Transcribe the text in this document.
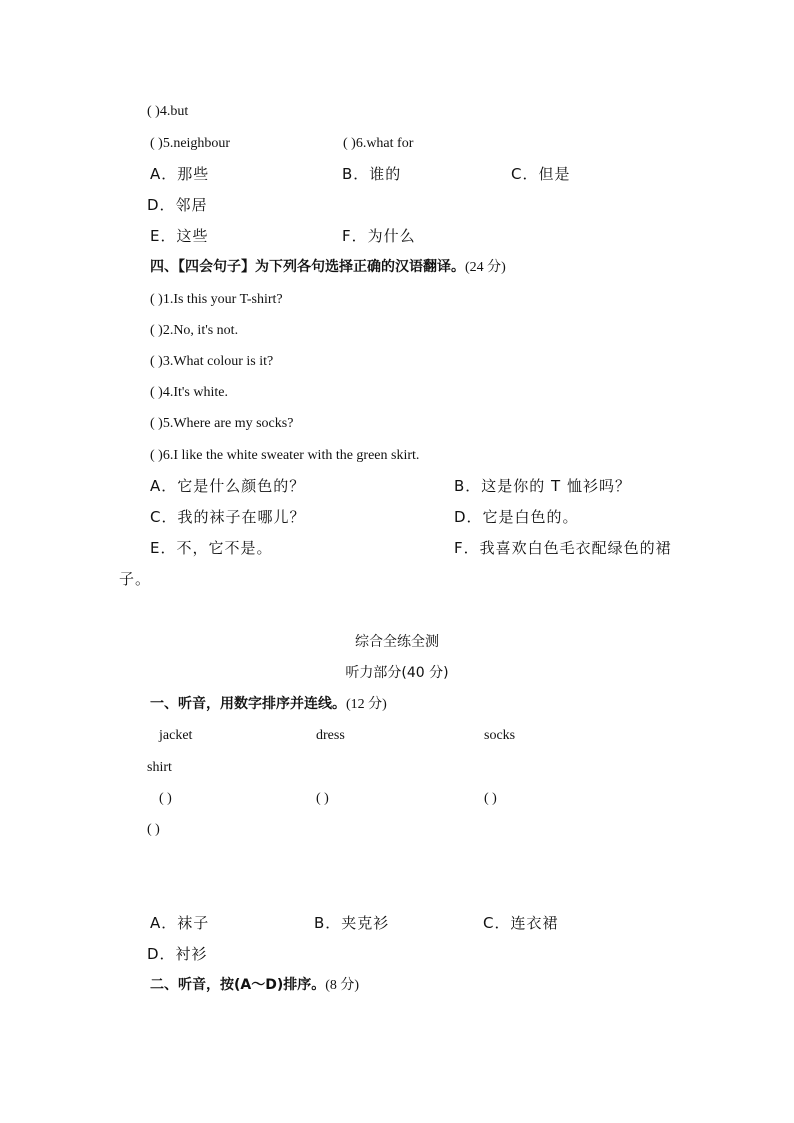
( )4.but
( )5.neighbour	( )6.what for
A．那些	B．谁的	C．但是
D．邻居
E．这些	F．为什么
四、【四会句子】为下列各句选择正确的汉语翻译。(24 分)
( )1.Is this your T-shirt?
( )2.No, it's not.
( )3.What colour is it?
( )4.It's white.
( )5.Where are my socks?
( )6.I like the white sweater with the green skirt.
A．它是什么颜色的？	B．这是你的 T 恤衫吗？
C．我的袜子在哪儿？	D．它是白色的。
E．不，它不是。	F．我喜欢白色毛衣配绿色的裙
子。
综合全练全测
听力部分(40 分)
一、听音，用数字排序并连线。(12 分)
jacket	dress	socks
shirt
( )	( )	( )
( )
A．袜子	B．夹克衫	C．连衣裙
D．衬衫
二、听音，按(A～D)排序。(8 分)
